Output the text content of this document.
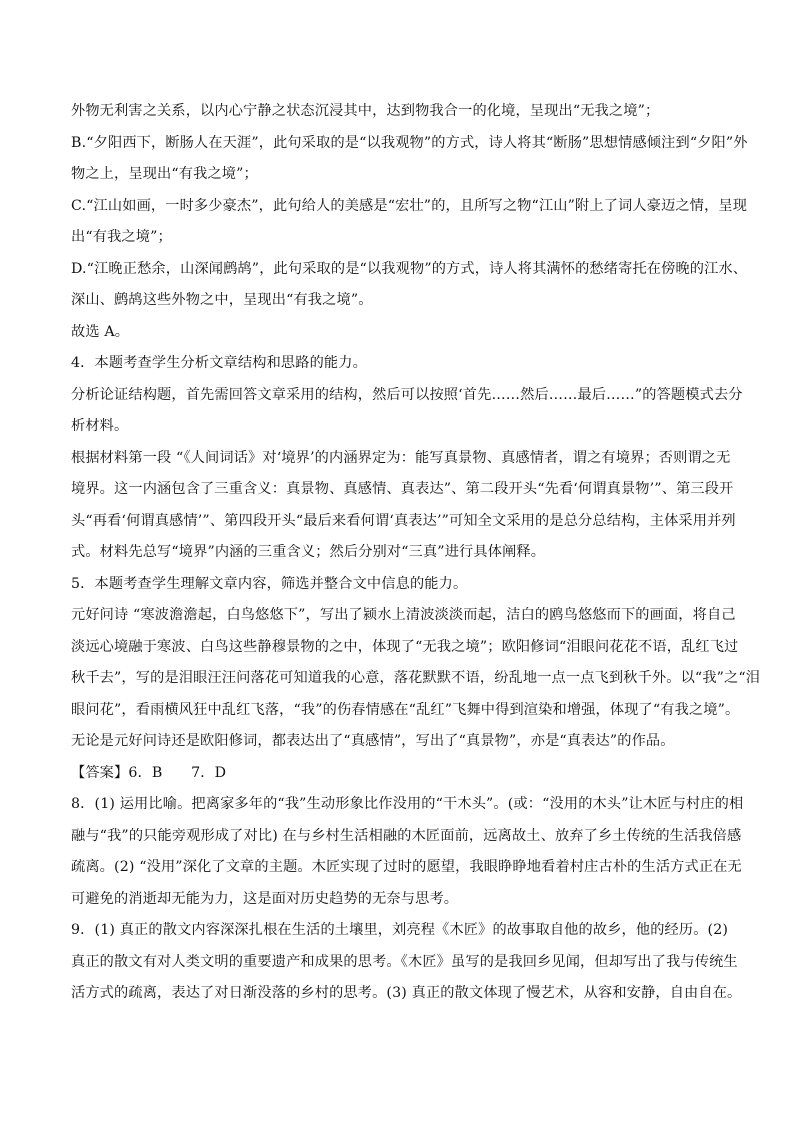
外物无利害之关系，以内心宁静之状态沉浸其中，达到物我合一的化境，呈现出“无我之境”；
B.“夕阳西下，断肠人在天涯”，此句采取的是“以我观物”的方式，诗人将其“断肠”思想情感倾注到“夕阳”外
物之上，呈现出“有我之境”；
C.“江山如画，一时多少豪杰”，此句给人的美感是“宏壮”的，且所写之物“江山”附上了词人豪迈之情，呈现
出“有我之境”；
D.“江晚正愁余，山深闻鹧鸪”，此句采取的是“以我观物”的方式，诗人将其满怀的愁绪寄托在傍晚的江水、
深山、鹧鸪这些外物之中，呈现出“有我之境”。
故选 A。
4．本题考查学生分析文章结构和思路的能力。
分析论证结构题，首先需回答文章采用的结构，然后可以按照‘首先……然后……最后……”的答题模式去分
析材料。
根据材料第一段 “《人间词话》对‘境界’的内涵界定为：能写真景物、真感情者，谓之有境界；否则谓之无
境界。这一内涵包含了三重含义：真景物、真感情、真表达”、第二段开头“先看‘何谓真景物’”、第三段开
头“再看‘何谓真感情’”、第四段开头“最后来看何谓‘真表达’”可知全文采用的是总分总结构，主体采用并列
式。材料先总写“境界”内涵的三重含义；然后分别对“三真”进行具体阐释。
5．本题考查学生理解文章内容，筛选并整合文中信息的能力。
元好问诗 “寒波澹澹起，白鸟悠悠下”，写出了颍水上清波淡淡而起，洁白的鸥鸟悠悠而下的画面，将自己
淡远心境融于寒波、白鸟这些静穆景物的之中，体现了“无我之境”；欧阳修词“泪眼问花花不语，乱红飞过
秋千去”，写的是泪眼汪汪问落花可知道我的心意，落花默默不语，纷乱地一点一点飞到秋千外。以“我”之“泪
眼问花”，看雨横风狂中乱红飞落，“我”的伤春情感在“乱红”飞舞中得到渲染和增强，体现了“有我之境”。
无论是元好问诗还是欧阳修词，都表达出了“真感情”，写出了“真景物”，亦是“真表达”的作品。
【答案】6．B　　7．D
8．(1) 运用比喻。把离家多年的“我”生动形象比作没用的“干木头”。(或：“没用的木头”让木匠与村庄的相
融与“我”的只能旁观形成了对比) 在与乡村生活相融的木匠面前，远离故土、放弃了乡土传统的生活我倍感
疏离。(2) “没用”深化了文章的主题。木匠实现了过时的愿望，我眼睁睁地看着村庄古朴的生活方式正在无
可避免的消逝却无能为力，这是面对历史趋势的无奈与思考。
9．(1) 真正的散文内容深深扎根在生活的土壤里，刘亮程《木匠》的故事取自他的故乡，他的经历。(2)
真正的散文有对人类文明的重要遗产和成果的思考。《木匠》虽写的是我回乡见闻，但却写出了我与传统生
活方式的疏离，表达了对日渐没落的乡村的思考。(3) 真正的散文体现了慢艺术，从容和安静，自由自在。
